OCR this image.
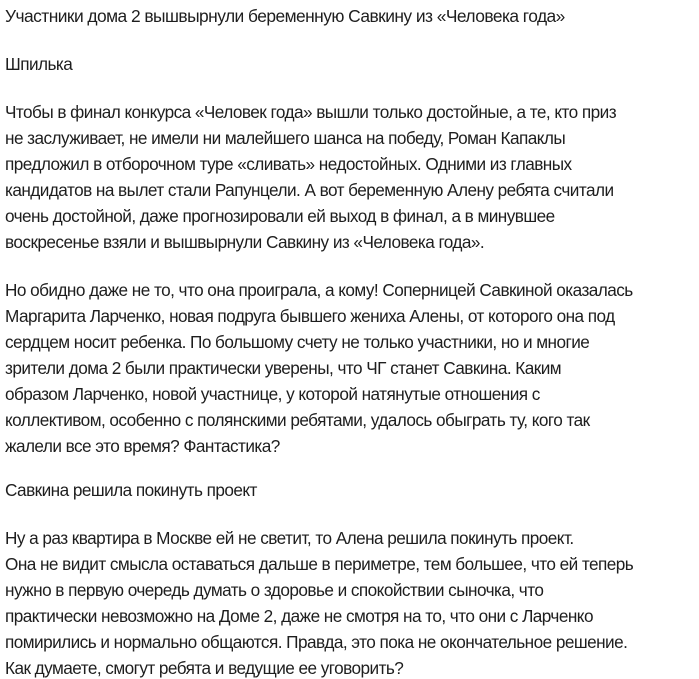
Участники дома 2 вышвырнули беременную Савкину из «Человека года»
Шпилька
Чтобы в финал конкурса «Человек года» вышли только достойные, а те, кто приз
не заслуживает, не имели ни малейшего шанса на победу, Роман Капаклы
предложил в отборочном туре «сливать» недостойных. Одними из главных
кандидатов на вылет стали Рапунцели. А вот беременную Алену ребята считали
очень достойной, даже прогнозировали ей выход в финал, а в минувшее
воскресенье взяли и вышвырнули Савкину из «Человека года».
Но обидно даже не то, что она проиграла, а кому! Соперницей Савкиной оказалась
Маргарита Ларченко, новая подруга бывшего жениха Алены, от которого она под
сердцем носит ребенка. По большому счету не только участники, но и многие
зрители дома 2 были практически уверены, что ЧГ станет Савкина. Каким
образом Ларченко, новой участнице, у которой натянутые отношения с
коллективом, особенно с полянскими ребятами, удалось обыграть ту, кого так
жалели все это время? Фантастика?
Савкина решила покинуть проект
Ну а раз квартира в Москве ей не светит, то Алена решила покинуть проект.
Она не видит смысла оставаться дальше в периметре, тем большее, что ей теперь
нужно в первую очередь думать о здоровье и спокойствии сыночка, что
практически невозможно на Доме 2, даже не смотря на то, что они с Ларченко
помирились и нормально общаются. Правда, это пока не окончательное решение.
Как думаете, смогут ребята и ведущие ее уговорить?
